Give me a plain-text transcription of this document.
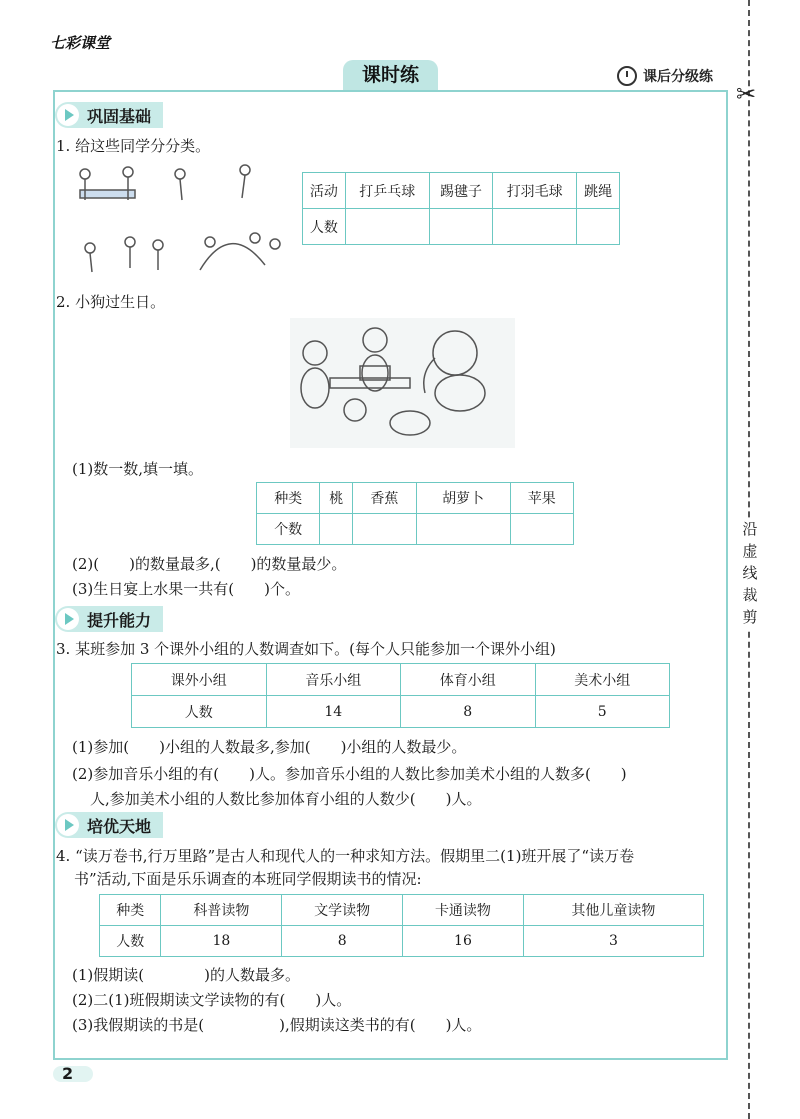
七彩课堂
课时练	课后分级练
✂
沿虚线裁剪
巩固基础
1. 给这些同学分分类。
活动	打乒乓球	踢毽子	打羽毛球	跳绳
人数				
2. 小狗过生日。
(1)数一数,填一填。
种类	桃	香蕉	胡萝卜	苹果
个数				
(2)(　　)的数量最多,(　　)的数量最少。
(3)生日宴上水果一共有(　　)个。
提升能力
3. 某班参加 3 个课外小组的人数调查如下。(每个人只能参加一个课外小组)
课外小组	音乐小组	体育小组	美术小组
人数	14	8	5
(1)参加(　　)小组的人数最多,参加(　　)小组的人数最少。
(2)参加音乐小组的有(　　)人。参加音乐小组的人数比参加美术小组的人数多(　　)
人,参加美术小组的人数比参加体育小组的人数少(　　)人。
培优天地
4. “读万卷书,行万里路”是古人和现代人的一种求知方法。假期里二(1)班开展了“读万卷
书”活动,下面是乐乐调查的本班同学假期读书的情况:
种类	科普读物	文学读物	卡通读物	其他儿童读物
人数	18	8	16	3
(1)假期读(　　　　)的人数最多。
(2)二(1)班假期读文学读物的有(　　)人。
(3)我假期读的书是(　　　　　),假期读这类书的有(　　)人。
2
